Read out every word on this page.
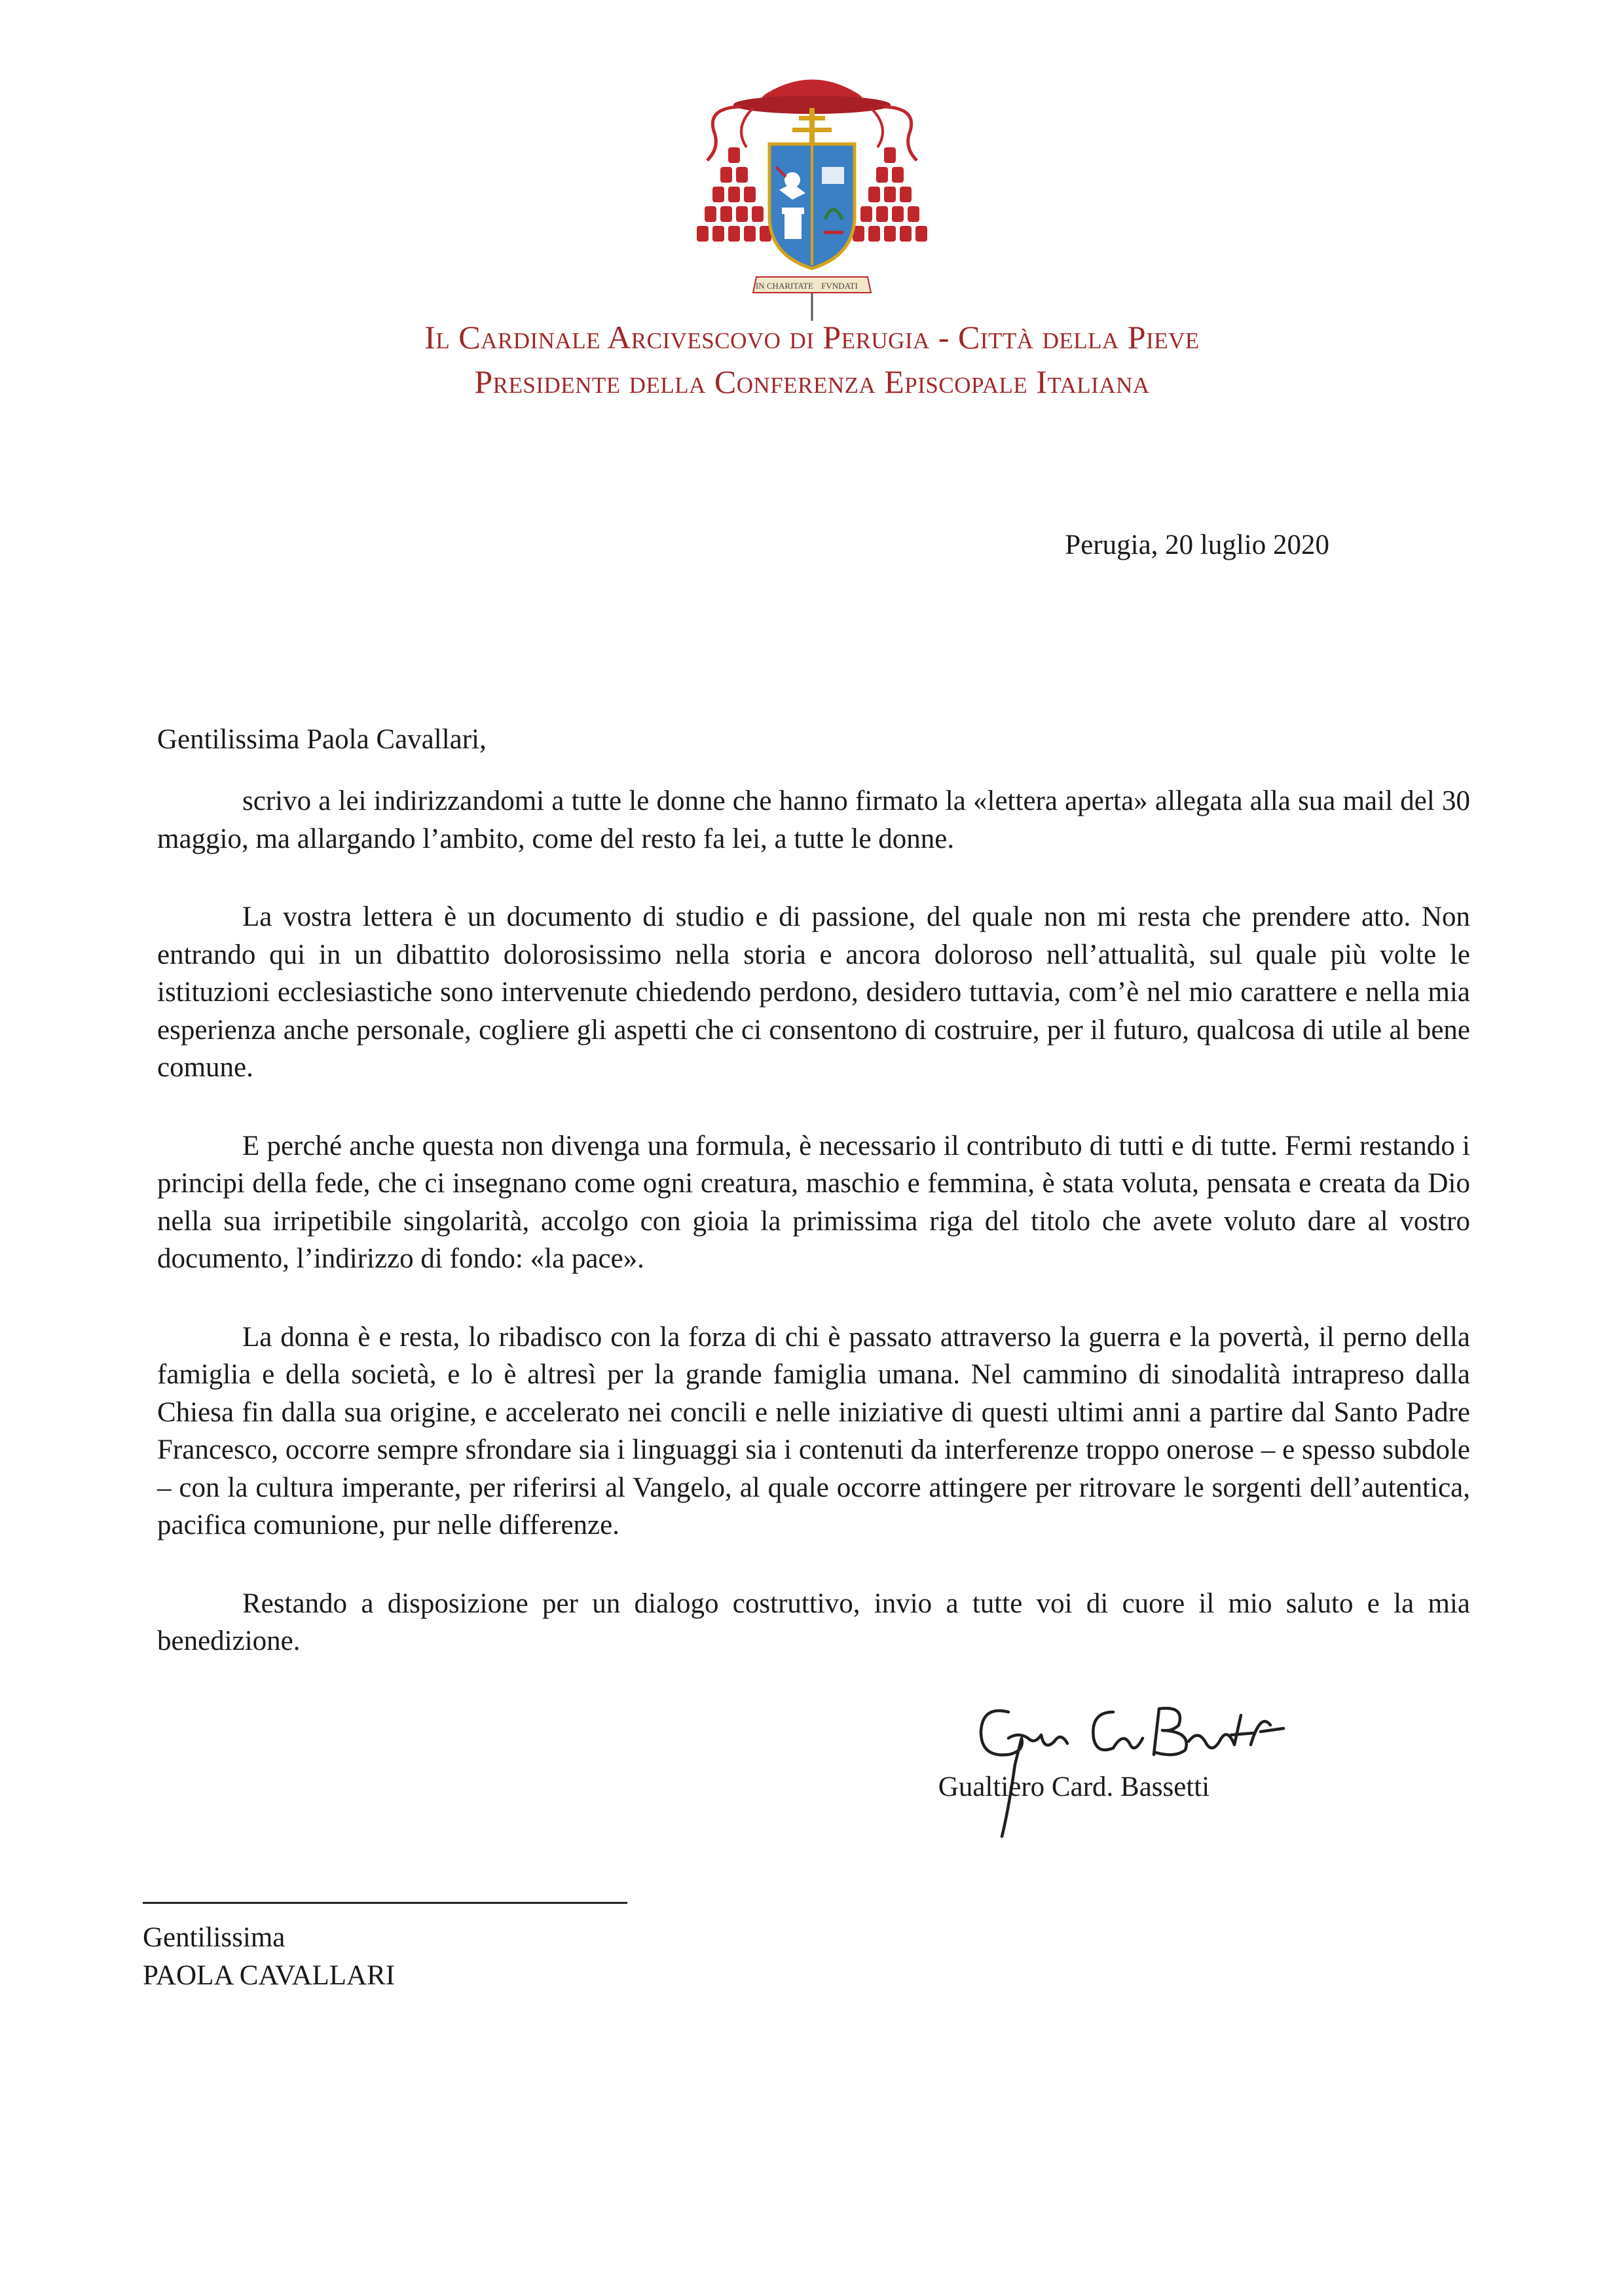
IN CHARITATE FVNDATI
Il Cardinale Arcivescovo di Perugia - Città della Pieve
Presidente della Conferenza Episcopale Italiana
Perugia, 20 luglio 2020
Gentilissima Paola Cavallari,

scrivo a lei indirizzandomi a tutte le donne che hanno firmato la «lettera aperta» allegata alla sua mail del 30 maggio, ma allargando l’ambito, come del resto fa lei, a tutte le donne.

La vostra lettera è un documento di studio e di passione, del quale non mi resta che prendere atto. Non entrando qui in un dibattito dolorosissimo nella storia e ancora doloroso nell’attualità, sul quale più volte le istituzioni ecclesiastiche sono intervenute chiedendo perdono, desidero tuttavia, com’è nel mio carattere e nella mia esperienza anche personale, cogliere gli aspetti che ci consentono di costruire, per il futuro, qualcosa di utile al bene comune.

E perché anche questa non divenga una formula, è necessario il contributo di tutti e di tutte. Fermi restando i principi della fede, che ci insegnano come ogni creatura, maschio e femmina, è stata voluta, pensata e creata da Dio nella sua irripetibile singolarità, accolgo con gioia la primissima riga del titolo che avete voluto dare al vostro documento, l’indirizzo di fondo: «la pace».

La donna è e resta, lo ribadisco con la forza di chi è passato attraverso la guerra e la povertà, il perno della famiglia e della società, e lo è altresì per la grande famiglia umana. Nel cammino di sinodalità intrapreso dalla Chiesa fin dalla sua origine, e accelerato nei concili e nelle iniziative di questi ultimi anni a partire dal Santo Padre Francesco, occorre sempre sfrondare sia i linguaggi sia i contenuti da interferenze troppo onerose – e spesso subdole – con la cultura imperante, per riferirsi al Vangelo, al quale occorre attingere per ritrovare le sorgenti dell’autentica, pacifica comunione, pur nelle differenze.

Restando a disposizione per un dialogo costruttivo, invio a tutte voi di cuore il mio saluto e la mia benedizione.

Gualtiero Card. Bassetti
Gentilissima
PAOLA CAVALLARI
